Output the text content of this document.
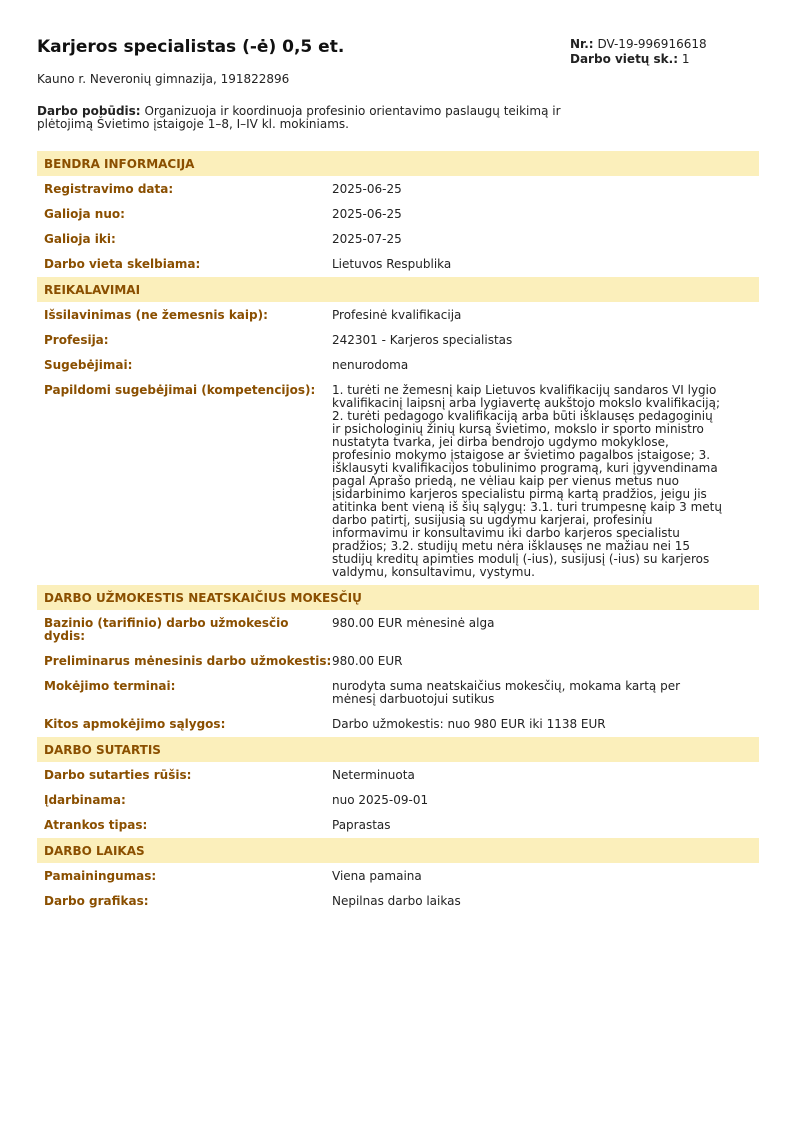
Karjeros specialistas (-ė) 0,5 et.	Nr.: DV-19-996916618
Darbo vietų sk.: 1
Kauno r. Neveronių gimnazija, 191822896
Darbo pobūdis: Organizuoja ir koordinuoja profesinio orientavimo paslaugų teikimą ir plėtojimą Švietimo įstaigoje 1–8, I–IV kl. mokiniams.
BENDRA INFORMACIJA
Registravimo data:	2025-06-25
Galioja nuo:	2025-06-25
Galioja iki:	2025-07-25
Darbo vieta skelbiama:	Lietuvos Respublika
REIKALAVIMAI
Išsilavinimas (ne žemesnis kaip):	Profesinė kvalifikacija
Profesija:	242301 - Karjeros specialistas
Sugebėjimai:	nenurodoma
Papildomi sugebėjimai (kompetencijos):	1. turėti ne žemesnį kaip Lietuvos kvalifikacijų sandaros VI lygio kvalifikacinį laipsnį arba lygiavertę aukštojo mokslo kvalifikaciją; 2. turėti pedagogo kvalifikaciją arba būti išklausęs pedagoginių ir psichologinių žinių kursą švietimo, mokslo ir sporto ministro nustatyta tvarka, jei dirba bendrojo ugdymo mokyklose, profesinio mokymo įstaigose ar švietimo pagalbos įstaigose; 3. išklausyti kvalifikacijos tobulinimo programą, kuri įgyvendinama pagal Aprašo priedą, ne vėliau kaip per vienus metus nuo įsidarbinimo karjeros specialistu pirmą kartą pradžios, jeigu jis atitinka bent vieną iš šių sąlygų: 3.1. turi trumpesnę kaip 3 metų darbo patirtį, susijusią su ugdymu karjerai, profesiniu informavimu ir konsultavimu iki darbo karjeros specialistu pradžios; 3.2. studijų metu nėra išklausęs ne mažiau nei 15 studijų kreditų apimties modulį (-ius), susijusį (-ius) su karjeros valdymu, konsultavimu, vystymu.
DARBO UŽMOKESTIS NEATSKAIČIUS MOKESČIŲ
Bazinio (tarifinio) darbo užmokesčio dydis:
980.00 EUR mėnesinė alga
Preliminarus mėnesinis darbo užmokestis: 980.00 EUR
Mokėjimo terminai:	nurodyta suma neatskaičius mokesčių, mokama kartą per mėnesį darbuotojui sutikus
Kitos apmokėjimo sąlygos:	Darbo užmokestis: nuo 980 EUR iki 1138 EUR
DARBO SUTARTIS
Darbo sutarties rūšis:	Neterminuota
Įdarbinama:	nuo 2025-09-01
Atrankos tipas:	Paprastas
DARBO LAIKAS
Pamainingumas:	Viena pamaina
Darbo grafikas:	Nepilnas darbo laikas
